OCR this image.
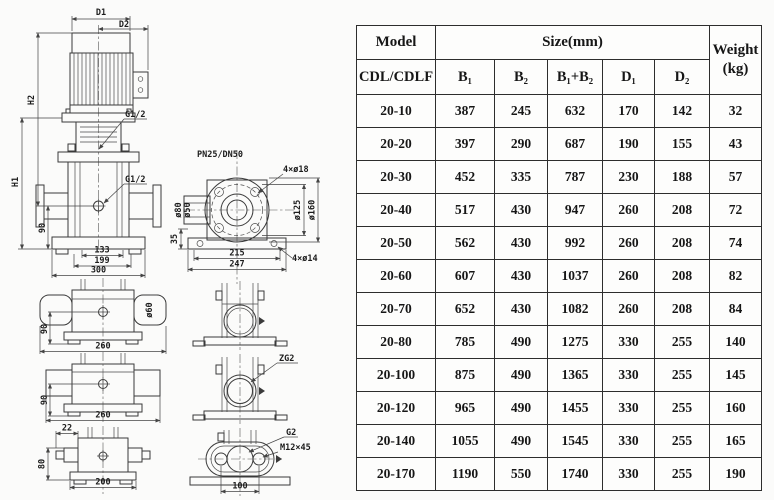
D1
D2
H2
H1
90
G1/2
G1/2
133
199
300
PN25/DN50
4×ø18
ø80 ø50	ø125 ø160
35
215
247
4×ø14
90
260
ø60
90
260
22
80
200
ZG2
G2
M12×45
100
Model	Size(mm)					Weight
(kg)

CDL/CDLF	B₁	B₂	B₁+B₂	D₁	D₂	
20-10	387	245	632	170	142	32
20-20	397	290	687	190	155	43
20-30	452	335	787	230	188	57
20-40	517	430	947	260	208	72
20-50	562	430	992	260	208	74
20-60	607	430	1037	260	208	82
20-70	652	430	1082	260	208	84
20-80	785	490	1275	330	255	140
20-100	875	490	1365	330	255	145
20-120	965	490	1455	330	255	160
20-140	1055	490	1545	330	255	165
20-170	1190	550	1740	330	255	190
